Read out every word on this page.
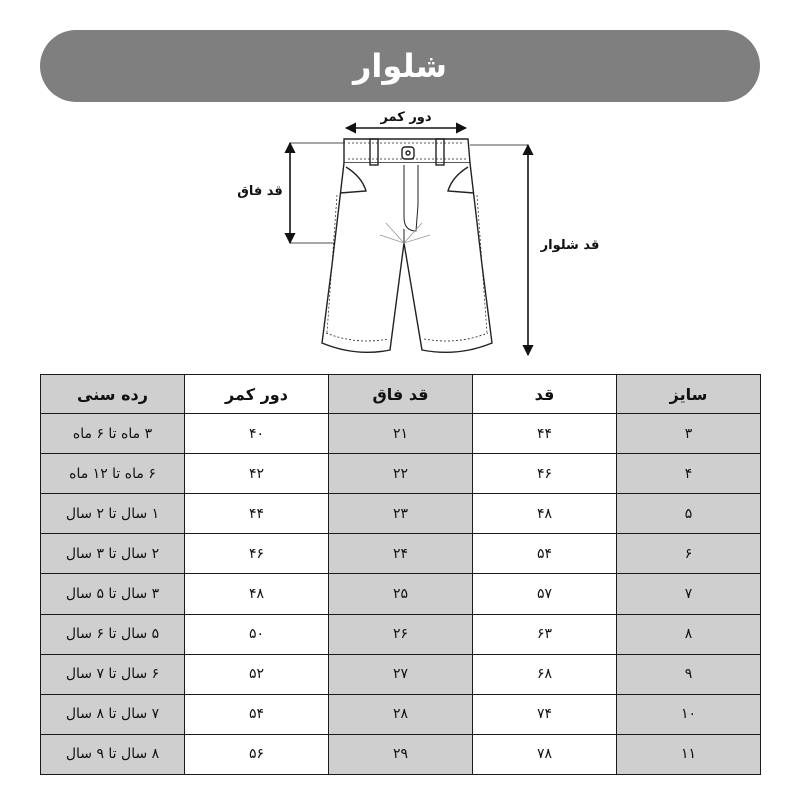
شلوار
دور کمر
قد فاق
قد شلوار
سایز	قد	قد فاق	دور کمر	رده سنی
۳	۴۴	۲۱	۴۰	۳ ماه تا ۶ ماه
۴	۴۶	۲۲	۴۲	۶ ماه تا ۱۲ ماه
۵	۴۸	۲۳	۴۴	۱ سال تا ۲ سال
۶	۵۴	۲۴	۴۶	۲ سال تا ۳ سال
۷	۵۷	۲۵	۴۸	۳ سال تا ۵ سال
۸	۶۳	۲۶	۵۰	۵ سال تا ۶ سال
۹	۶۸	۲۷	۵۲	۶ سال تا ۷ سال
۱۰	۷۴	۲۸	۵۴	۷ سال تا ۸ سال
۱۱	۷۸	۲۹	۵۶	۸ سال تا ۹ سال
